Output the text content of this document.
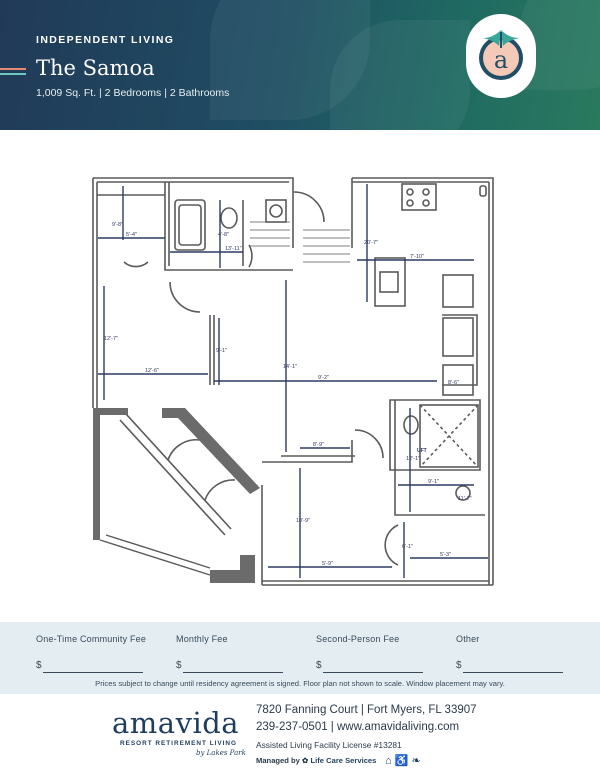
INDEPENDENT LIVING
The Samoa
1,009 Sq. Ft. | 2 Bedrooms | 2 Bathrooms
a
9'-8"
5'-4"	4'-8"
13'-11"
12'-7"
12'-6"
9'-1"
14'-1"
9'-2"
20'-7"
7'-10"
8'-9"
12'-1"
9'-1"
10'-9"
5'-9"
6'-1"
5'-3"
11'-7"
8'-6"
UFT
One-Time Community Fee
$
Monthly Fee
$
Second-Person Fee
$
Other
$
Prices subject to change until residency agreement is signed. Floor plan not shown to scale. Window placement may vary.
amavida
RESORT RETIREMENT LIVING
by Lakes Park
7820 Fanning Court | Fort Myers, FL 33907
239-237-0501 | www.amavidaliving.com
Assisted Living Facility License #13281
Managed by ✿ Life Care Services ⌂ ♿ ❧
